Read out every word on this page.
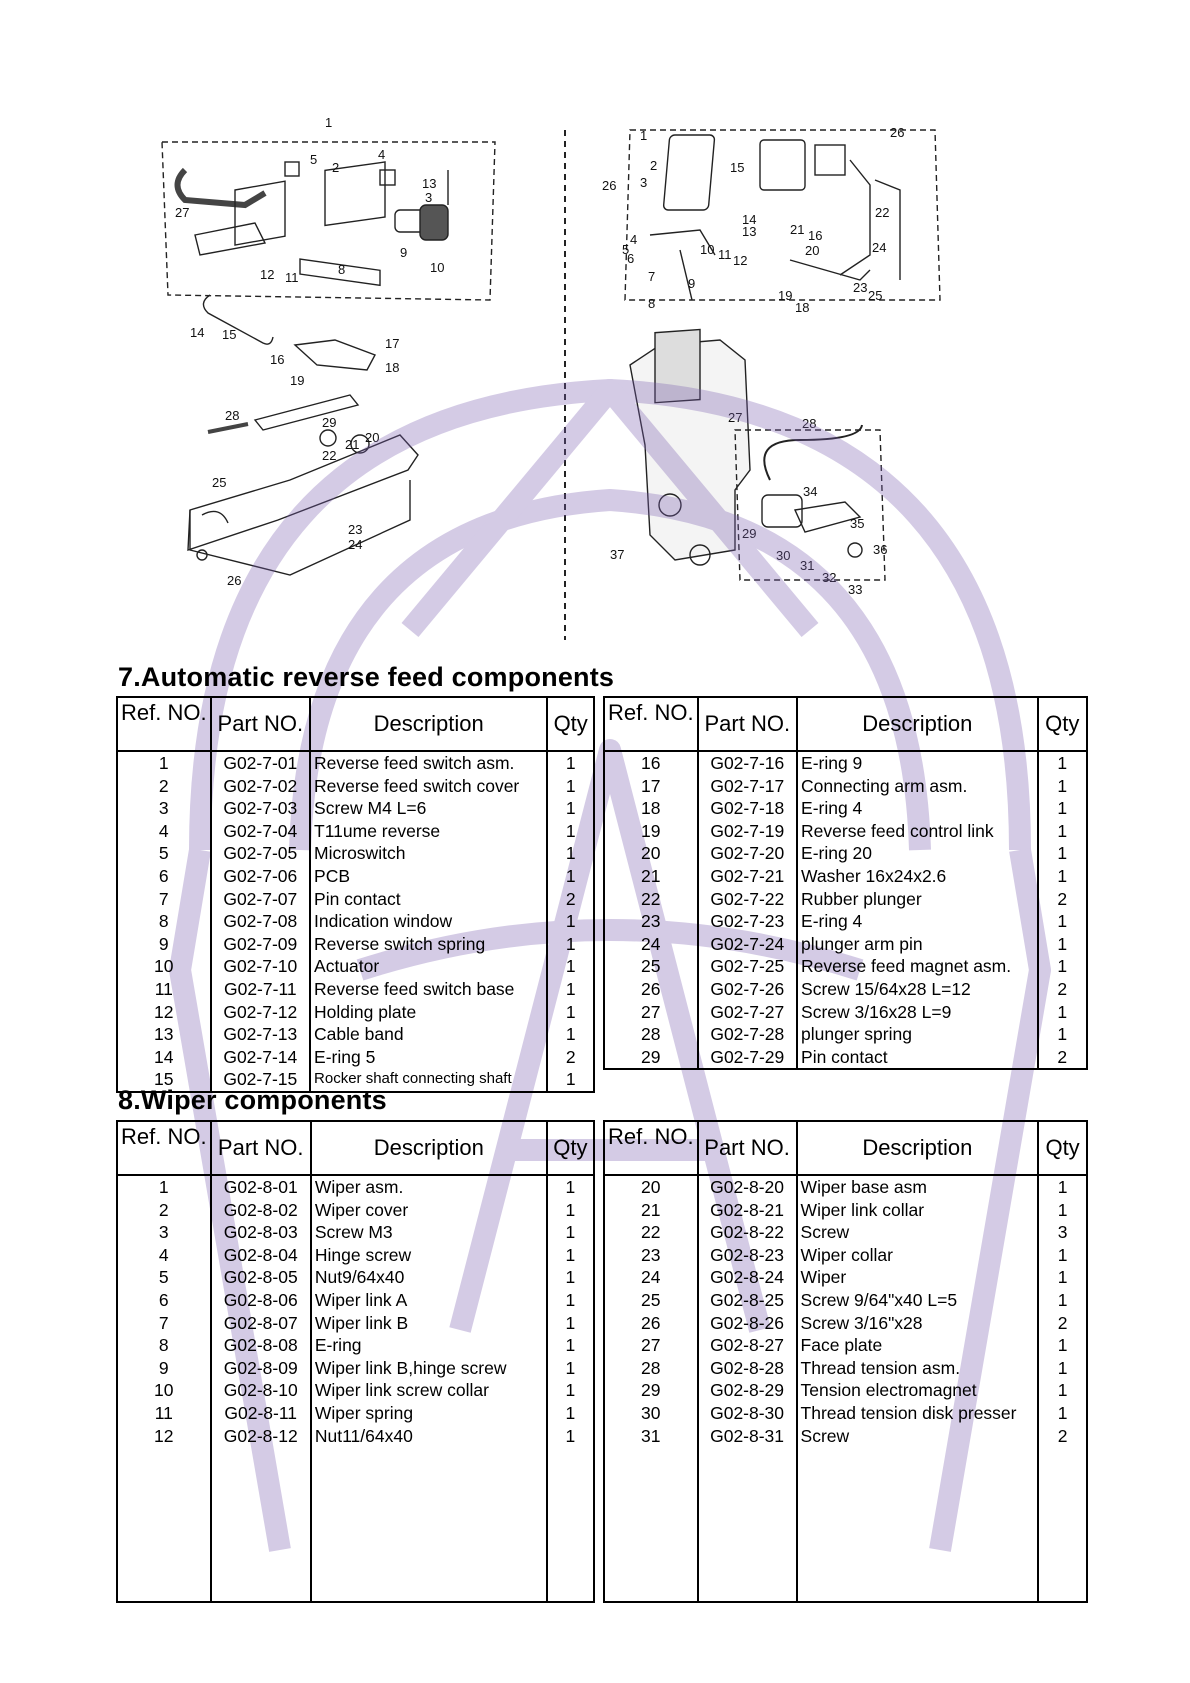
1
2
3
4
5
8
9
10
11
12
13
27
14 15
16
17
18
19
28	29
20
21
22
25
23
24
26
1
2
3
26
15
26
14
13	21 16
22
20	24
4
5
6
7
10 11 12
9
8
19
18
23
25
27	28
34
35
36
29
30
31
32
33
37
7.Automatic reverse feed components
Ref. NO.	Part NO.	Description	Qty
1	G02-7-01	Reverse feed switch asm.	1
2	G02-7-02	Reverse feed switch cover	1
3	G02-7-03	Screw M4 L=6	1
4	G02-7-04	T11ume reverse	1
5	G02-7-05	Microswitch	1
6	G02-7-06	PCB	1
7	G02-7-07	Pin contact	2
8	G02-7-08	Indication window	1
9	G02-7-09	Reverse switch spring	1
10	G02-7-10	Actuator	1
11	G02-7-11	Reverse feed switch base	1
12	G02-7-12	Holding plate	1
13	G02-7-13	Cable band	1
14	G02-7-14	E-ring 5	2
15	G02-7-15	Rocker shaft connecting shaft	1
Ref. NO.	Part NO.	Description	Qty
16	G02-7-16	E-ring 9	1
17	G02-7-17	Connecting arm asm.	1
18	G02-7-18	E-ring 4	1
19	G02-7-19	Reverse feed control link	1
20	G02-7-20	E-ring 20	1
21	G02-7-21	Washer 16x24x2.6	1
22	G02-7-22	Rubber plunger	2
23	G02-7-23	E-ring 4	1
24	G02-7-24	plunger arm pin	1
25	G02-7-25	Reverse feed magnet asm.	1
26	G02-7-26	Screw 15/64x28 L=12	2
27	G02-7-27	Screw 3/16x28 L=9	1
28	G02-7-28	plunger spring	1
29	G02-7-29	Pin contact	2

8.Wiper components
Ref. NO.	Part NO.	Description	Qty
1	G02-8-01	Wiper asm.	1
2	G02-8-02	Wiper cover	1
3	G02-8-03	Screw M3	1
4	G02-8-04	Hinge screw	1
5	G02-8-05	Nut9/64x40	1
6	G02-8-06	Wiper link A	1
7	G02-8-07	Wiper link B	1
8	G02-8-08	E-ring	1
9	G02-8-09	Wiper link B,hinge screw	1
10	G02-8-10	Wiper link screw collar	1
11	G02-8-11	Wiper spring	1
12	G02-8-12	Nut11/64x40	1

Ref. NO.	Part NO.	Description	Qty
20	G02-8-20	Wiper base asm	1
21	G02-8-21	Wiper link collar	1
22	G02-8-22	Screw	3
23	G02-8-23	Wiper collar	1
24	G02-8-24	Wiper	1
25	G02-8-25	Screw 9/64"x40 L=5	1
26	G02-8-26	Screw 3/16"x28	2
27	G02-8-27	Face plate	1
28	G02-8-28	Thread tension asm.	1
29	G02-8-29	Tension electromagnet	1
30	G02-8-30	Thread tension disk presser	1
31	G02-8-31	Screw	2
